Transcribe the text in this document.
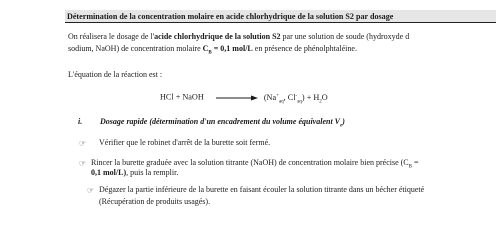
Détermination de la concentration molaire en acide chlorhydrique de la solution S2 par dosage
On réalisera le dosage de l'acide chlorhydrique de la solution S2 par une solution de soude (hydroxyde d
sodium, NaOH) de concentration molaire $C_B = 0,1$ mol/L en présence de phénolphtaléine.
L'équation de la réaction est :
HCl + NaOH	($Na^+_{aq}$, $Cl^-_{aq}) + H_2O$
i. Dosage rapide (détermination d'un encadrement du volume équivalent $V_e$)
☞ Vérifier que le robinet d'arrêt de la burette soit fermé.
☞ Rincer la burette graduée avec la solution titrante (NaOH) de concentration molaire bien précise ($C_B$ =
0,1 mol/L), puis la remplir.
☞ Dégazer la partie inférieure de la burette en faisant écouler la solution titrante dans un bécher étiqueté
(Récupération de produits usagés).
